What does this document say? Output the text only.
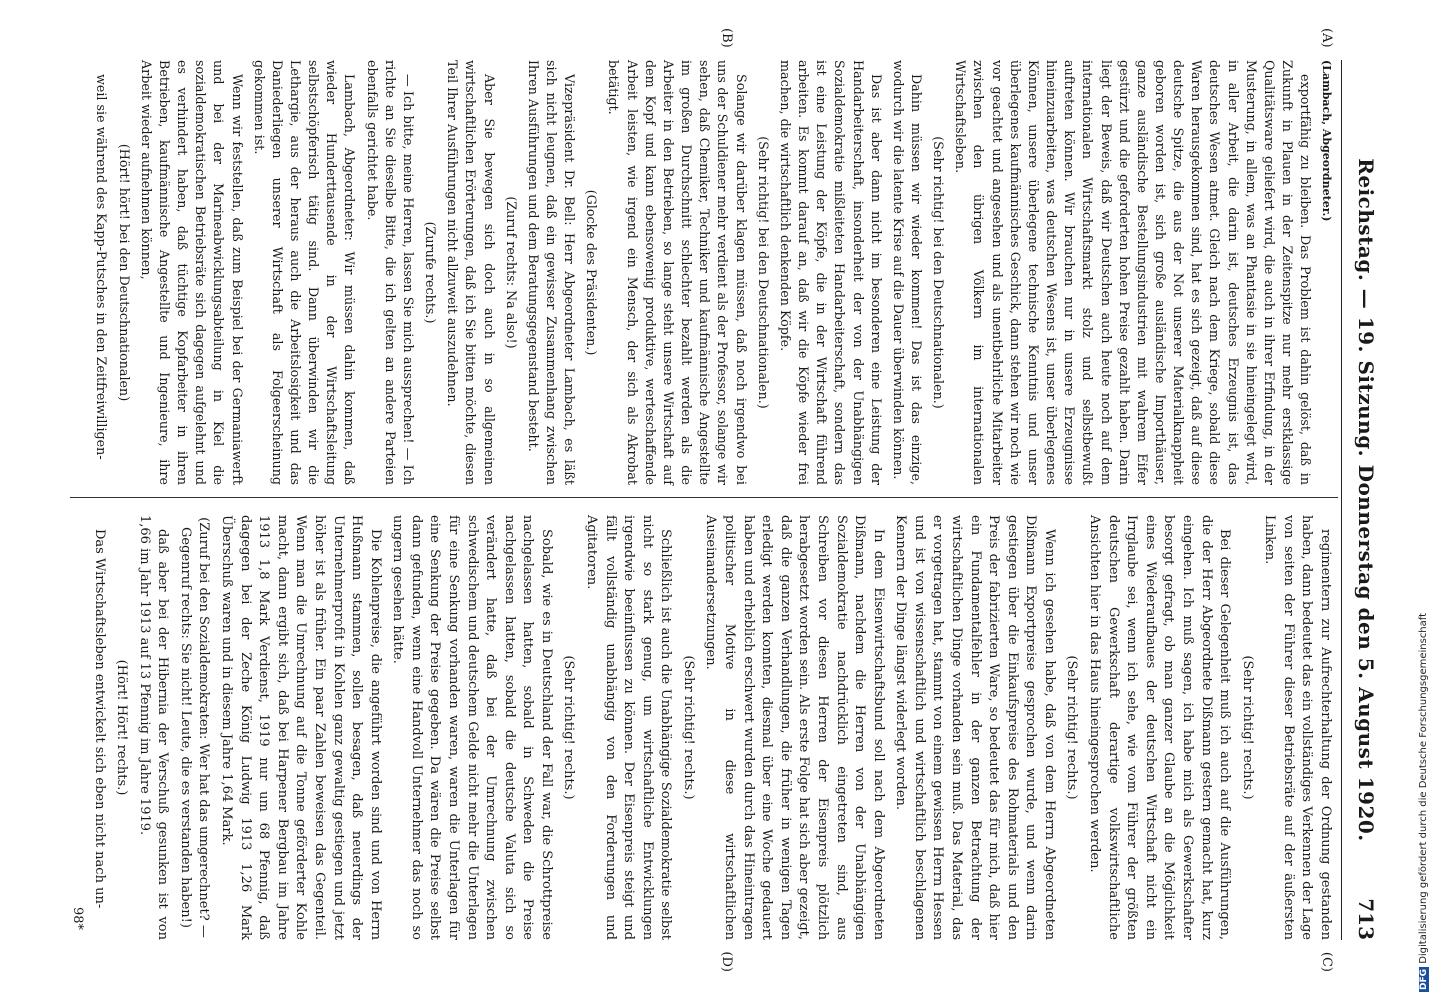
Reichstag. — 19. Sitzung. Donnerstag den 5. August 1920.
713
(A)
(B)
(C)
(D)

(Lambach, Abgeordneter.)

exportfähig zu bleiben. Das Problem ist dahin gelöst, daß in Zukunft in Plauen in der Zeitenspitze nur mehr erstklassige Qualitätsware geliefert wird, die auch in ihrer Erfindung, in der Musterung, in allem, was an Phantasie in sie hineingelegt wird, in aller Arbeit, die darin ist, deutsches Erzeugnis ist, das deutsches Wesen atmet. Gleich nach dem Kriege, sobald diese Waren herausgekommen sind, hat es sich gezeigt, daß auf diese deutsche Spitze, die aus der Not unserer Materialknappheit geboren worden ist, sich große ausländische Importhäuser, ganze ausländische Bestellungsindustrien mit wahrem Eifer gestürzt und die geforderten hohen Preise gezahlt haben. Darin liegt der Beweis, daß wir Deutschen auch heute noch auf dem internationalen Wirtschaftsmarkt stolz und selbstbewußt auftreten können. Wir brauchen nur in unsere Erzeugnisse hineinzuarbeiten, was deutschen Wesens ist, unser überlegenes Können, unsere überlegene technische Kenntnis und unser überlegenes kaufmännisches Geschick, dann stehen wir noch wie vor geachtet und angesehen und als unentbehrliche Mitarbeiter zwischen den übrigen Völkern im internationalen Wirtschaftsleben.

(Sehr richtig! bei den Deutschnationalen.)

Dahin müssen wir wieder kommen! Das ist das einzige, wodurch wir die latente Krise auf die Dauer überwinden können.

Das ist aber dann nicht im besonderen eine Leistung der Handarbeiterschaft, insonderheit der von der Unabhängigen Sozialdemokratie mißleiteten Handarbeiterschaft, sondern das ist eine Leistung der Köpfe, die in der Wirtschaft führend arbeiten. Es kommt darauf an, daß wir die Köpfe wieder frei machen, die wirtschaftlich denkenden Köpfe.

(Sehr richtig! bei den Deutschnationalen.)

Solange wir darüber klagen müssen, daß noch irgendwo bei uns der Schuldiener mehr verdient als der Professor, solange wir sehen, daß Chemiker, Techniker und kaufmännische Angestellte im großen Durchschnitt schlechter bezahlt werden als die Arbeiter in den Betrieben, so lange steht unsere Wirtschaft auf dem Kopf und kann ebensowenig produktive, werteschaffende Arbeit leisten, wie irgend ein Mensch, der sich als Akrobat betätigt.

(Glocke des Präsidenten.)

Vizepräsident Dr. Bell: Herr Abgeordneter Lambach, es läßt sich nicht leugnen, daß ein gewisser Zusammenhang zwischen Ihren Ausführungen und dem Beratungsgegenstand besteht.

(Zuruf rechts: Na also!)

Aber Sie bewegen sich doch auch in so allgemeinen wirtschaftlichen Erörterungen, daß ich Sie bitten möchte, diesen Teil Ihrer Ausführungen nicht allzuweit auszudehnen.

(Zurufe rechts.)

— Ich bitte, meine Herren, lassen Sie mich aussprechen! — Ich richte an Sie dieselbe Bitte, die ich gelten an andere Parteien ebenfalls gerichtet habe.

Lambach, Abgeordneter: Wir müssen dahin kommen, daß wieder Hunderttausende in der Wirtschaftsleitung selbstschöpferisch tätig sind. Dann überwinden wir die Lethargie, aus der heraus auch die Arbeitslosigkeit und das Daniederliegen unserer Wirtschaft als Folgeerscheinung gekommen ist.

Wenn wir feststellen, daß zum Beispiel bei der Germaniawerft und bei der Marineabwicklungsabteilung in Kiel die sozialdemokratischen Betriebsräte sich dagegen aufgelehnt und es verhindert haben, daß tüchtige Kopfarbeiter in ihren Betrieben, kaufmännische Angestellte und Ingenieure, ihre Arbeit wieder aufnehmen können,

(Hört! hört! bei den Deutschnationalen)

weil sie während des Kapp-Putsches in den Zeitfreiwilligen-

regimentern zur Aufrechterhaltung der Ordnung gestanden haben, dann bedeutet das ein vollständiges Verkennen der Lage von seiten der Führer dieser Betriebsräte auf der äußersten Linken.

(Sehr richtig! rechts.)

Bei dieser Gelegenheit muß ich auch auf die Ausführungen, die der Herr Abgeordnete Dißmann gestern gemacht hat, kurz eingehen. Ich muß sagen, ich habe mich als Gewerkschafter besorgt gefragt, ob man ganzer Glaube an die Möglichkeit eines Wiederaufbaues der deutschen Wirtschaft nicht ein Irrglaube sei, wenn ich sehe, wie vom Führer der größten deutschen Gewerkschaft derartige volkswirtschaftliche Ansichten hier in das Haus hineingesprochen werden.

(Sehr richtig! rechts.)

Wenn ich gesehen habe, daß von dem Herrn Abgeordneten Dißmann Exportpreise gesprochen wurde, und wenn darin gestiegen über die Einkaufspreise des Rohmaterials und den Preis der fabrizierten Ware, so bedeutet das für mich, daß hier ein Fundamentalfehler in der ganzen Betrachtung der wirtschaftlichen Dinge vorhanden sein muß. Das Material, das er vorgetragen hat, stammt von einem gewissen Herrn Hessen und ist von wissenschaftlich und wirtschaftlich beschlagenen Kennern der Dinge längst widerlegt worden.

In dem Eisenwirtschaftsbund soll nach dem Abgeordneten Dißmann, nachdem die Herren von der Unabhängigen Sozialdemokratie nachdrücklich eingetreten sind, aus Schreiben vor diesen Herren der Eisenpreis plötzlich herabgesetzt worden sein. Als erste Folge hat sich aber gezeigt, daß die ganzen Verhandlungen, die früher in wenigen Tagen erledigt werden konnten, diesmal über eine Woche gedauert haben und erheblich erschwert wurden durch das Hineintragen politischer Motive in diese wirtschaftlichen Auseinandersetzungen.

(Sehr richtig! rechts.)

Schließlich ist auch die Unabhängige Sozialdemokratie selbst nicht so stark genug, um wirtschaftliche Entwicklungen irgendwie beeinflussen zu können. Der Eisenpreis steigt und fällt vollständig unabhängig von den Forderungen und Agitatoren.

(Sehr richtig! rechts.)

Sobald, wie es in Deutschland der Fall war, die Schrottpreise nachgelassen hatten, sobald in Schweden die Preise nachgelassen hatten, sobald die deutsche Valuta sich so verändert hatte, daß bei der Umrechnung zwischen schwedischem und deutschem Gelde nicht mehr die Unterlagen für eine Senkung vorhanden waren, waren die Unterlagen für eine Senkung der Preise gegeben. Da wären die Preise selbst dann gefunden, wenn eine Handvoll Unternehmer das noch so ungern gesehen hätte.

Die Kohlenpreise, die angeführt worden sind und von Herrn Hußmann stammen, sollen besagen, daß neuerdings der Unternehmerprofit in Kohlen ganz gewaltig gestiegen und jetzt höher ist als früher. Ein paar Zahlen beweisen das Gegenteil. Wenn man die Umrechnung auf die Tonne geförderter Kohle macht, dann ergibt sich, daß bei Harpener Bergbau im Jahre 1913 1,8 Mark Verdienst, 1919 nur um 68 Pfennig, daß dagegen bei der Zeche König Ludwig 1913 1,26 Mark Überschuß waren und in diesem Jahre 1,64 Mark.

(Zuruf bei den Sozialdemokraten: Wer hat das umgerechnet? — Gegenruf rechts: Sie nicht! Leute, die es verstanden haben!)

daß aber bei der Hibernia der Verschuß gesunken ist von 1,66 im Jahr 1913 auf 13 Pfennig im Jahre 1919.

(Hört! Hört! rechts.)

Das Wirtschaftsleben entwickelt sich eben nicht nach un-

98*
DFG Digitalisierung gefördert durch die Deutsche Forschungsgemeinschaft
